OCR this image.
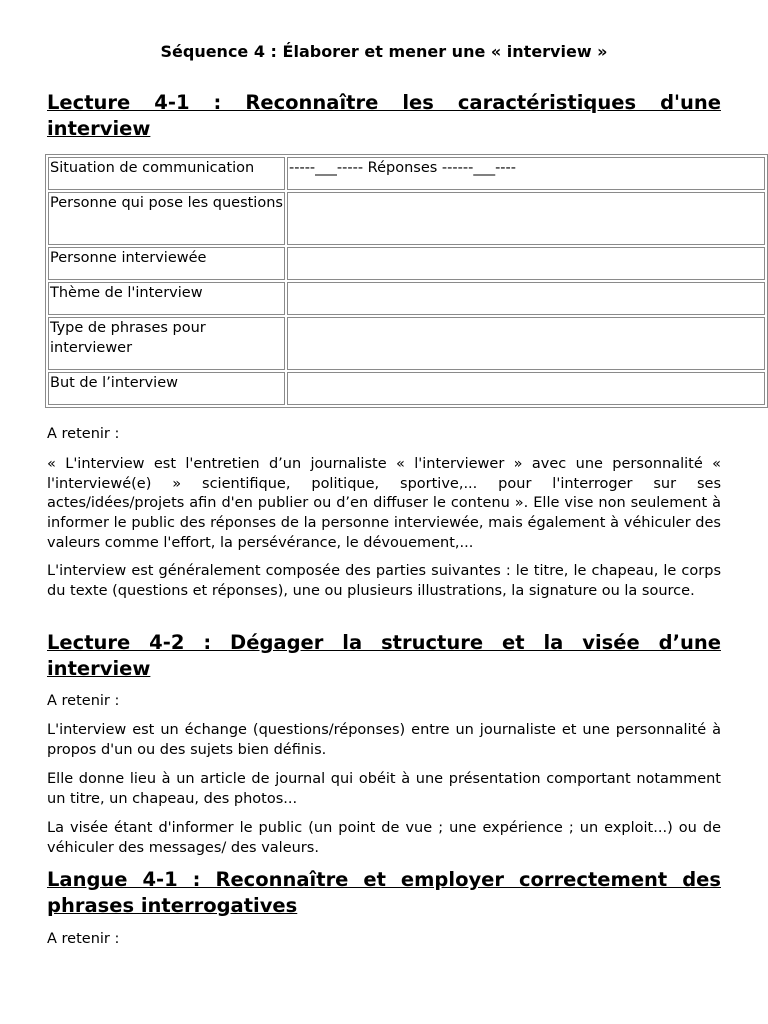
Séquence 4 : Élaborer et mener une « interview »
Lecture 4-1 : Reconnaître les caractéristiques d'une interview
Situation de communication	-----___----- Réponses ------___----
Personne qui pose les questions	
Personne interviewée	
Thème de l'interview	
Type de phrases pour interviewer	
But de l’interview	

A retenir :

« L'interview est l'entretien d’un journaliste « l'interviewer » avec une personnalité « l'interviewé(e) » scientifique, politique, sportive,... pour l'interroger sur ses actes/idées/projets afin d'en publier ou d’en diffuser le contenu ». Elle vise non seulement à informer le public des réponses de la personne interviewée, mais également à véhiculer des valeurs comme l'effort, la persévérance, le dévouement,...

L'interview est généralement composée des parties suivantes : le titre, le chapeau, le corps du texte (questions et réponses), une ou plusieurs illustrations, la signature ou la source.

Lecture 4-2 : Dégager la structure et la visée d’une interview

A retenir :

L'interview est un échange (questions/réponses) entre un journaliste et une personnalité à propos d'un ou des sujets bien définis.

Elle donne lieu à un article de journal qui obéit à une présentation comportant notamment un titre, un chapeau, des photos...

La visée étant d'informer le public (un point de vue ; une expérience ; un exploit...) ou de véhiculer des messages/ des valeurs.

Langue 4-1 : Reconnaître et employer correctement des phrases interrogatives

A retenir :
